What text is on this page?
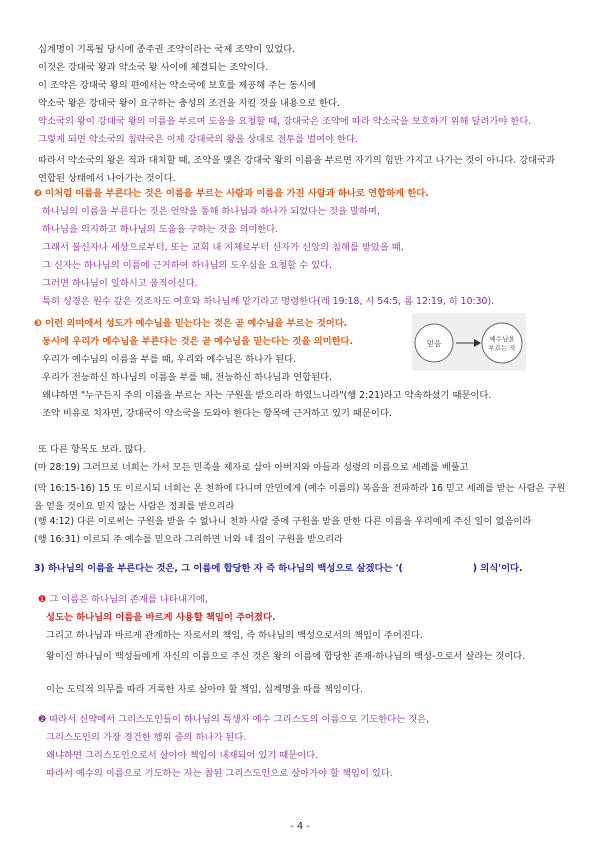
십계명이 기록될 당시에 종주권 조약이라는 국제 조약이 있었다.
이것은 강대국 왕과 약소국 왕 사이에 체결되는 조약이다.
이 조약은 강대국 왕의 편에서는 약소국에 보호를 제공해 주는 동시에
약소국 왕은 강대국 왕이 요구하는 충성의 조건을 지킬 것을 내용으로 한다.
약소국의 왕이 강대국 왕의 이름을 부르며 도움을 요청할 때, 강대국은 조약에 따라 약소국을 보호하기 위해 달려가야 한다.
그렇게 되면 약소국의 침략국은 이제 강대국의 왕을 상대로 전투를 벌여야 한다.
따라서 약소국의 왕은 적과 대치할 때, 조약을 맺은 강대국 왕의 이름을 부르면 자기의 힘만 가지고 나가는 것이 아니다. 강대국과 연합된 상태에서 나아가는 것이다.
❷ 이처럼 이름을 부른다는 것은 이름을 부르는 사람과 이름을 가진 사람과 하나로 연합하게 한다.
하나님의 이름을 부른다는 것은 언약을 통해 하나님과 하나가 되었다는 것을 말하며,
하나님을 의지하고 하나님의 도움을 구하는 것을 의미한다.
그래서 불신자나 세상으로부터, 또는 교회 내 지체로부터 신자가 신앙의 침해를 받았을 때,
그 신자는 하나님의 이름에 근거하여 하나님의 도우심을 요청할 수 있다.
그러면 하나님이 일하시고 움직이신다.
특히 성경은 원수 갚은 것조차도 여호와 하나님께 맡기라고 명령한다(레 19:18, 시 54:5, 롬 12:19, 히 10:30).
❸ 이런 의미에서 성도가 예수님을 믿는다는 것은 곧 예수님을 부르는 것이다.
동시에 우리가 예수님을 부른다는 것은 곧 예수님을 믿는다는 것을 의미한다.
우리가 예수님의 이름을 부를 때, 우리와 예수님은 하나가 된다.
우리가 전능하신 하나님의 이름을 부를 때, 전능하신 하나님과 연합된다.
왜냐하면 "누구든지 주의 이름을 부르는 자는 구원을 받으리라 하였느니라"(행 2:21)라고 약속하셨기 때문이다.
조약 비유로 치자면, 강대국이 약소국을 도와야 한다는 항목에 근거하고 있기 때문이다.
믿음	예수님을
부르는 자
또 다른 항목도 보라. 많다.
(마 28:19) 그러므로 너희는 가서 모든 민족을 제자로 삼아 아버지와 아들과 성령의 이름으로 세례를 베풀고
(막 16:15-16) 15 또 이르시되 너희는 온 천하에 다니며 만민에게 (예수 이름의) 복음을 전파하라 16 믿고 세례를 받는 사람은 구원을 얻을 것이요 믿지 않는 사람은 정죄를 받으리라
(행 4:12) 다른 이로써는 구원을 받을 수 없나니 천하 사람 중에 구원을 받을 만한 다른 이름을 우리에게 주신 일이 없음이라
(행 16:31) 이르되 주 예수를 믿으라 그리하면 너와 네 집이 구원을 받으리라
3) 하나님의 이름을 부른다는 것은, 그 이름에 합당한 자 즉 하나님의 백성으로 살겠다는 '(	) 의식'이다.
❶ 그 이름은 하나님의 존재를 나타내기에,
성도는 하나님의 이름을 바르게 사용할 책임이 주어졌다.
그리고 하나님과 바르게 관계하는 자로서의 책임, 즉 하나님의 백성으로서의 책임이 주어진다.
왕이신 하나님이 백성들에게 자신의 이름으로 주신 것은 왕의 이름에 합당한 존재-하나님의 백성-으로서 살라는 것이다.
이는 도덕적 의무를 따라 거룩한 자로 살아야 할 책임, 십계명을 따를 책임이다.
❷ 따라서 신약에서 그리스도인들이 하나님의 특생자 예수 그리스도의 이름으로 기도한다는 것은,
그리스도인의 가장 경건한 행위 중의 하나가 된다.
왜냐하면 그리스도인으로서 살아야 책임이 내재되어 있기 때문이다.
따라서 예수의 이름으로 기도하는 자는 참된 그리스도인으로 살아가야 할 책임이 있다.
- 4 -
